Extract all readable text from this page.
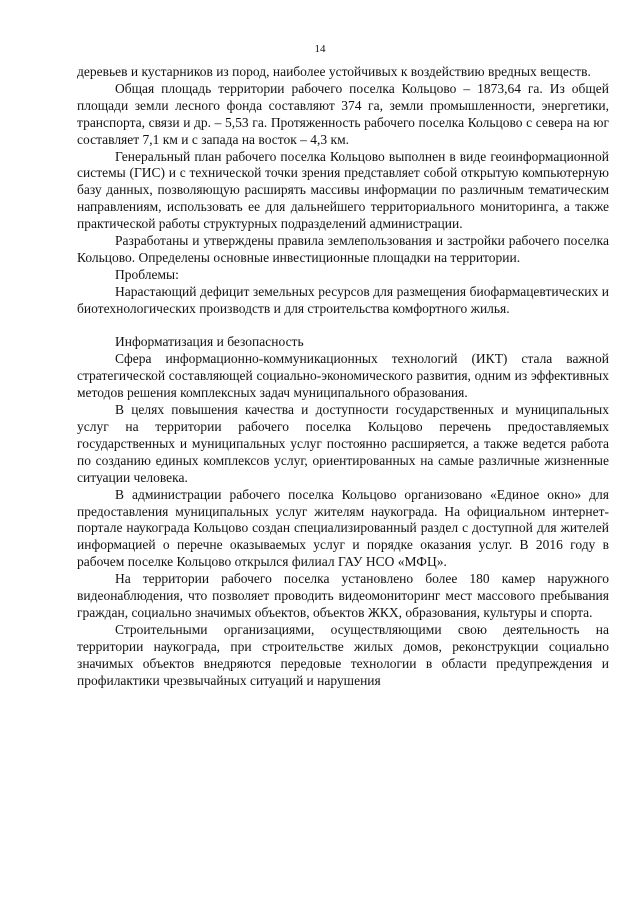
14

деревьев и кустарников из пород, наиболее устойчивых к воздействию вредных веществ.

Общая площадь территории рабочего поселка Кольцово – 1873,64 га. Из общей площади земли лесного фонда составляют 374 га, земли промышленности, энергетики, транспорта, связи и др. – 5,53 га. Протяженность рабочего поселка Кольцово с севера на юг составляет 7,1 км и с запада на восток – 4,3 км.

Генеральный план рабочего поселка Кольцово выполнен в виде геоинформационной системы (ГИС) и с технической точки зрения представляет собой открытую компьютерную базу данных, позволяющую расширять массивы информации по различным тематическим направлениям, использовать ее для дальнейшего территориального мониторинга, а также практической работы структурных подразделений администрации.

Разработаны и утверждены правила землепользования и застройки рабочего поселка Кольцово. Определены основные инвестиционные площадки на территории.

Проблемы:

Нарастающий дефицит земельных ресурсов для размещения биофармацевтических и биотехнологических производств и для строительства комфортного жилья.

Информатизация и безопасность

Сфера информационно-коммуникационных технологий (ИКТ) стала важной стратегической составляющей социально-экономического развития, одним из эффективных методов решения комплексных задач муниципального образования.

В целях повышения качества и доступности государственных и муниципальных услуг на территории рабочего поселка Кольцово перечень предоставляемых государственных и муниципальных услуг постоянно расширяется, а также ведется работа по созданию единых комплексов услуг, ориентированных на самые различные жизненные ситуации человека.

В администрации рабочего поселка Кольцово организовано «Единое окно» для предоставления муниципальных услуг жителям наукограда. На официальном интернет-портале наукограда Кольцово создан специализированный раздел с доступной для жителей информацией о перечне оказываемых услуг и порядке оказания услуг. В 2016 году в рабочем поселке Кольцово открылся филиал ГАУ НСО «МФЦ».

На территории рабочего поселка установлено более 180 камер наружного видеонаблюдения, что позволяет проводить видеомониторинг мест массового пребывания граждан, социально значимых объектов, объектов ЖКХ, образования, культуры и спорта.

Строительными организациями, осуществляющими свою деятельность на территории наукограда, при строительстве жилых домов, реконструкции социально значимых объектов внедряются передовые технологии в области предупреждения и профилактики чрезвычайных ситуаций и нарушения
